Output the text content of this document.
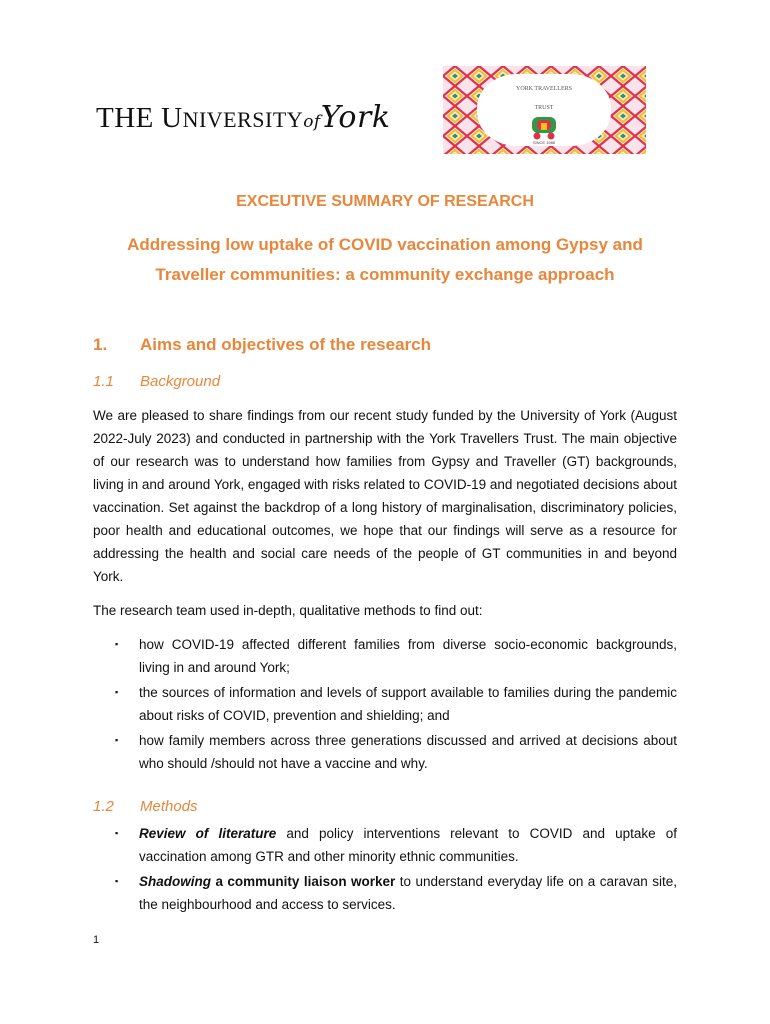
THE UNIVERSITYofYork
YORK TRAVELLERS
TRUST
SINCE 1986
EXCEUTIVE SUMMARY OF RESEARCH
Addressing low uptake of COVID vaccination among Gypsy and
Traveller communities: a community exchange approach
1. Aims and objectives of the research
1.1 Background
We are pleased to share findings from our recent study funded by the University of York (August 2022-July 2023) and conducted in partnership with the York Travellers Trust. The main objective of our research was to understand how families from Gypsy and Traveller (GT) backgrounds, living in and around York, engaged with risks related to COVID-19 and negotiated decisions about vaccination. Set against the backdrop of a long history of marginalisation, discriminatory policies, poor health and educational outcomes, we hope that our findings will serve as a resource for addressing the health and social care needs of the people of GT communities in and beyond York.
The research team used in-depth, qualitative methods to find out:
▪ how COVID-19 affected different families from diverse socio-economic backgrounds, living in and around York;
▪ the sources of information and levels of support available to families during the pandemic about risks of COVID, prevention and shielding; and
▪ how family members across three generations discussed and arrived at decisions about who should /should not have a vaccine and why.
1.2 Methods
▪ Review of literature and policy interventions relevant to COVID and uptake of vaccination among GTR and other minority ethnic communities.
▪ Shadowing a community liaison worker to understand everyday life on a caravan site, the neighbourhood and access to services.
1
